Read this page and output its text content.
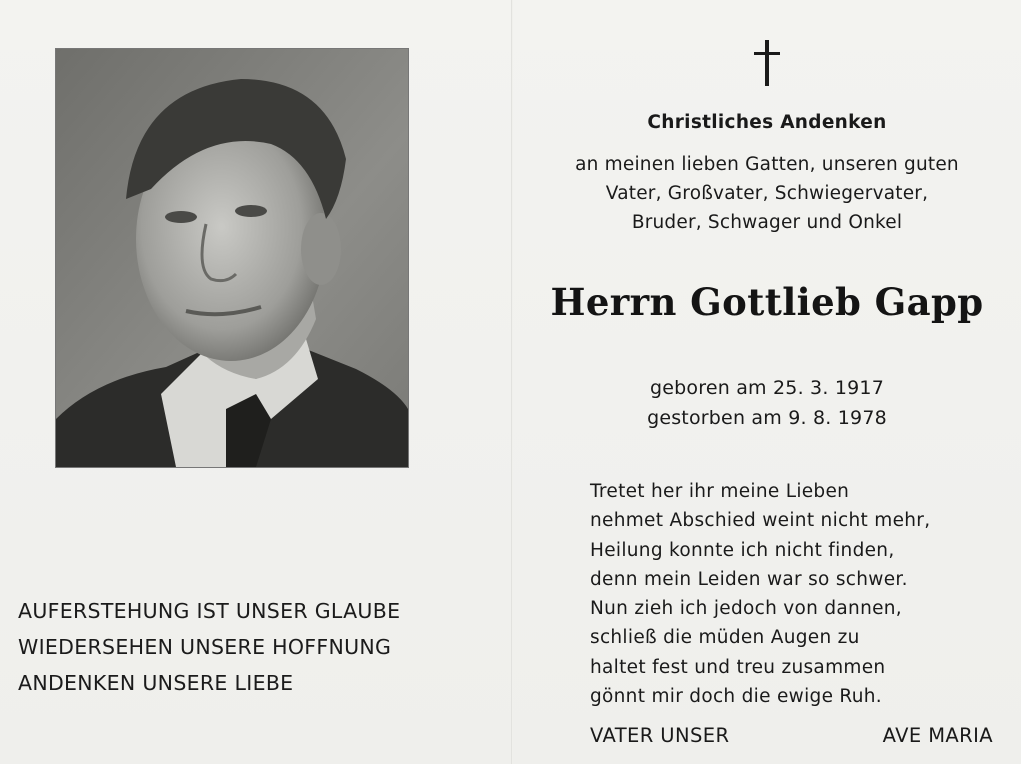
AUFERSTEHUNG IST UNSER GLAUBE
WIEDERSEHEN UNSERE HOFFNUNG
ANDENKEN UNSERE LIEBE
Christliches Andenken
an meinen lieben Gatten, unseren guten
Vater, Großvater, Schwiegervater,
Bruder, Schwager und Onkel
Herrn Gottlieb Gapp
geboren am 25. 3. 1917
gestorben am 9. 8. 1978
Tretet her ihr meine Lieben
nehmet Abschied weint nicht mehr,
Heilung konnte ich nicht finden,
denn mein Leiden war so schwer.
Nun zieh ich jedoch von dannen,
schließ die müden Augen zu
haltet fest und treu zusammen
gönnt mir doch die ewige Ruh.
VATER UNSER	AVE MARIA
